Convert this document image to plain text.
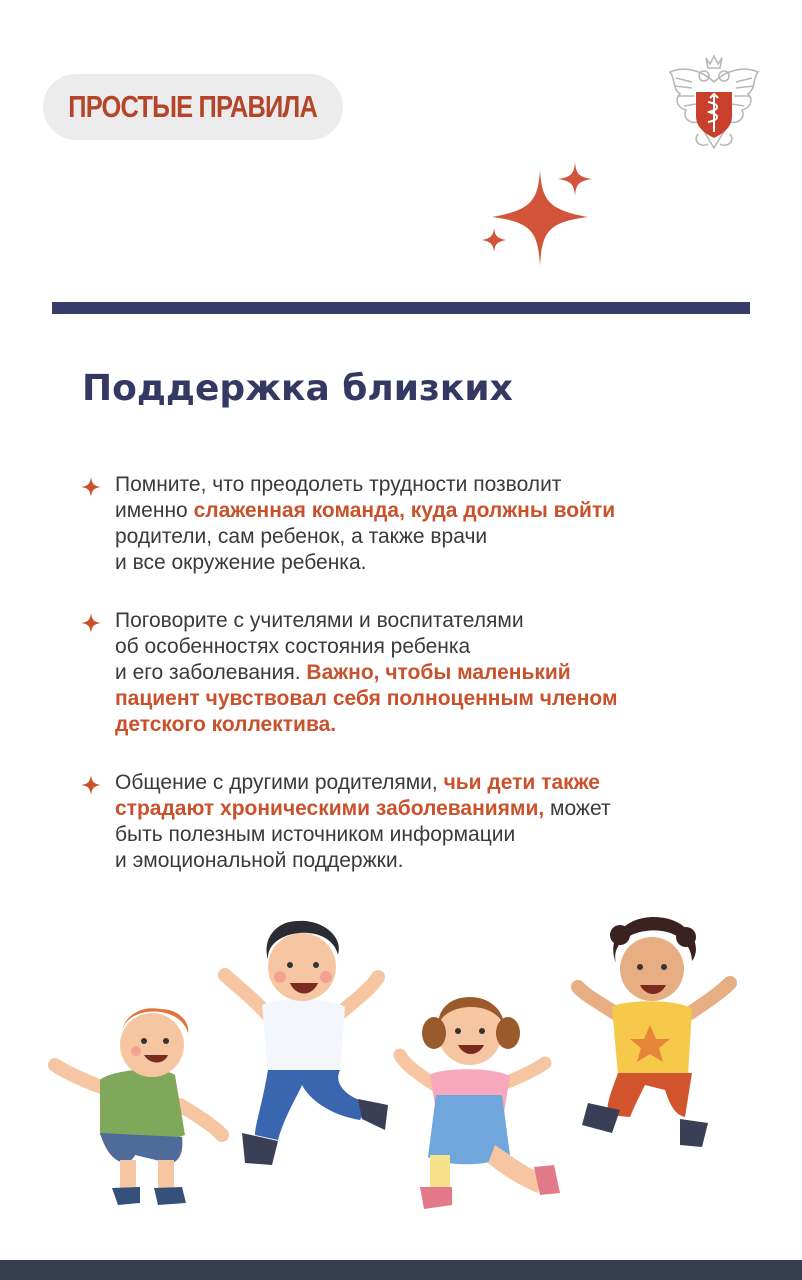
ПРОСТЫЕ ПРАВИЛА
Поддержка близких
Помните, что преодолеть трудности позволит
именно слаженная команда, куда должны войти
родители, сам ребенок, а также врачи
и все окружение ребенка.
Поговорите с учителями и воспитателями
об особенностях состояния ребенка
и его заболевания. Важно, чтобы маленький
пациент чувствовал себя полноценным членом
детского коллектива.
Общение с другими родителями, чьи дети также
страдают хроническими заболеваниями, может
быть полезным источником информации
и эмоциональной поддержки.
